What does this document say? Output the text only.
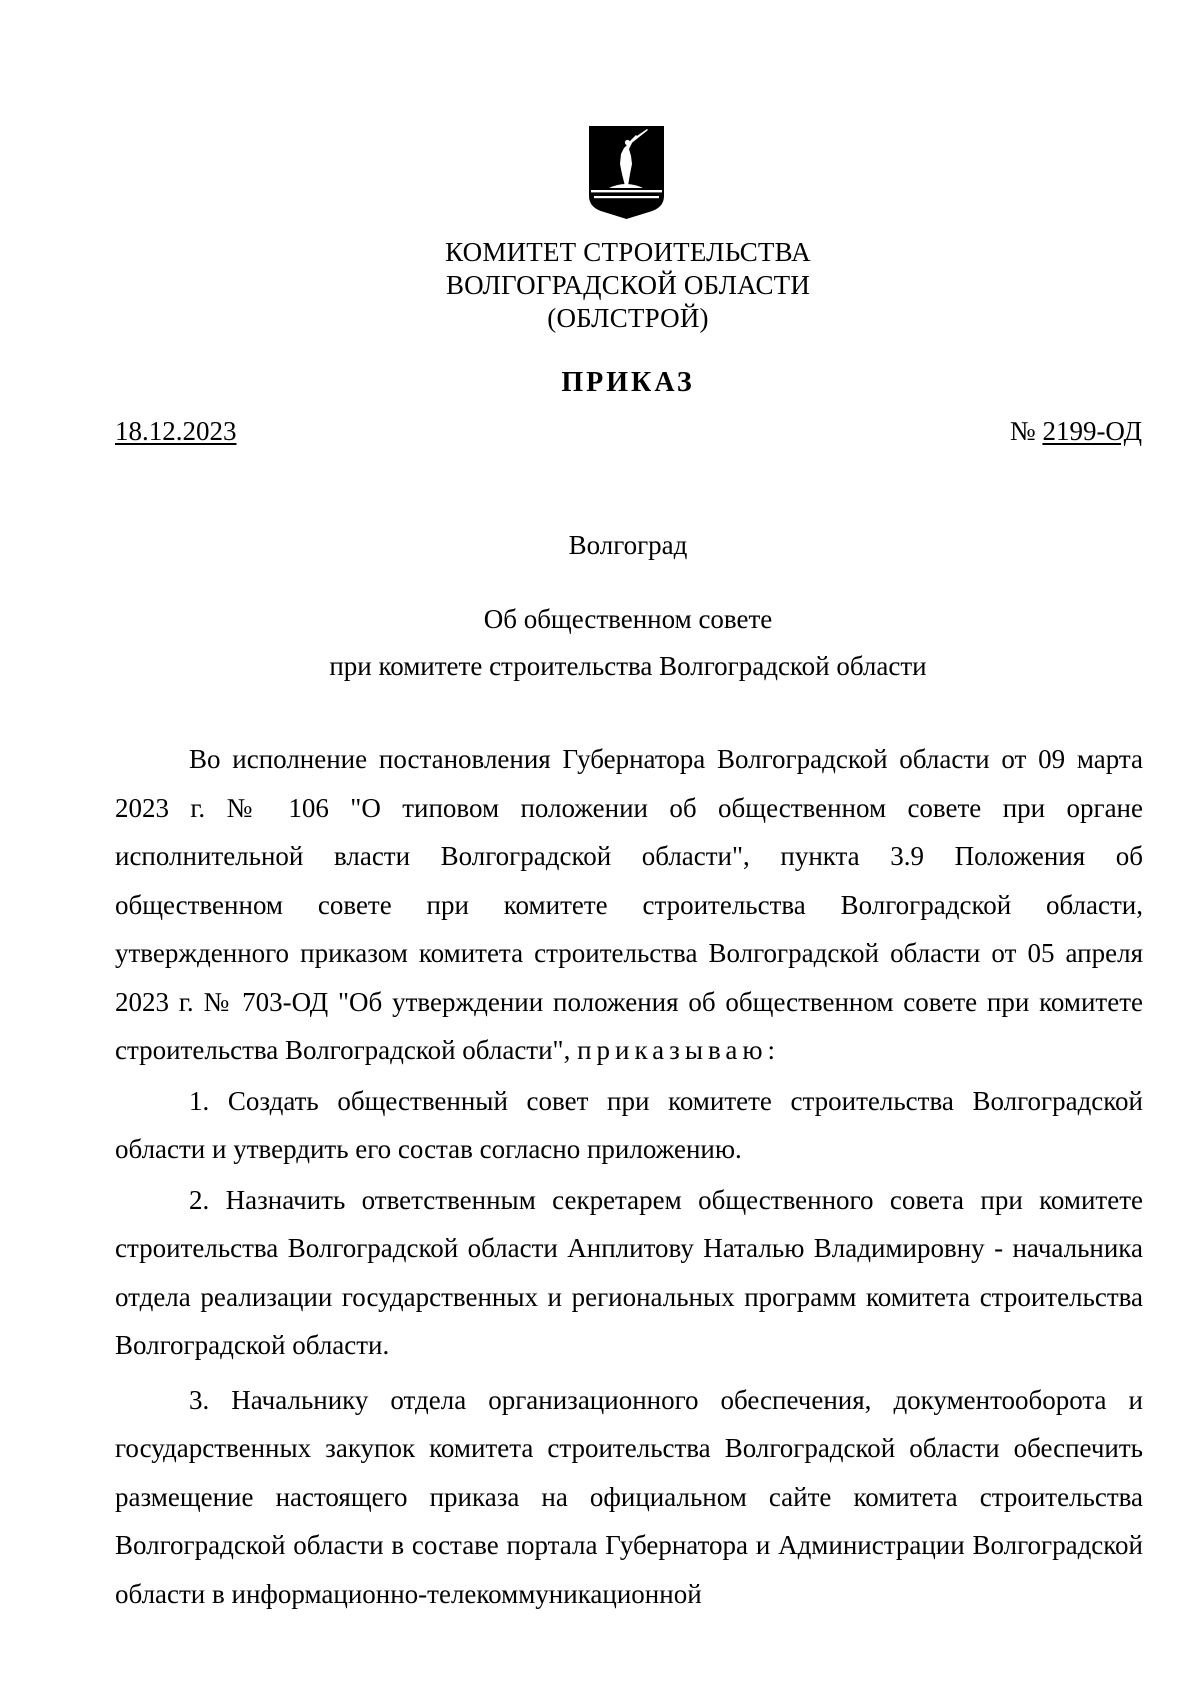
КОМИТЕТ СТРОИТЕЛЬСТВА
ВОЛГОГРАДСКОЙ ОБЛАСТИ
(ОБЛСТРОЙ)
ПРИКАЗ
18.12.2023	№ 2199-ОД
Волгоград
Об общественном совете
при комитете строительства Волгоградской области

Во исполнение постановления Губернатора Волгоградской области от 09 марта 2023 г. № 106 "О типовом положении об общественном совете при органе исполнительной власти Волгоградской области", пункта 3.9 Положения об общественном совете при комитете строительства Волгоградской области, утвержденного приказом комитета строительства Волгоградской области от 05 апреля 2023 г. № 703-ОД "Об утверждении положения об общественном совете при комитете строительства Волгоградской области", приказываю:

1. Создать общественный совет при комитете строительства Волгоградской области и утвердить его состав согласно приложению.

2. Назначить ответственным секретарем общественного совета при комитете строительства Волгоградской области Анплитову Наталью Владимировну - начальника отдела реализации государственных и региональных программ комитета строительства Волгоградской области.

3. Начальнику отдела организационного обеспечения, документооборота и государственных закупок комитета строительства Волгоградской области обеспечить размещение настоящего приказа на официальном сайте комитета строительства Волгоградской области в составе портала Губернатора и Администрации Волгоградской области в информационно-телекоммуникационной
